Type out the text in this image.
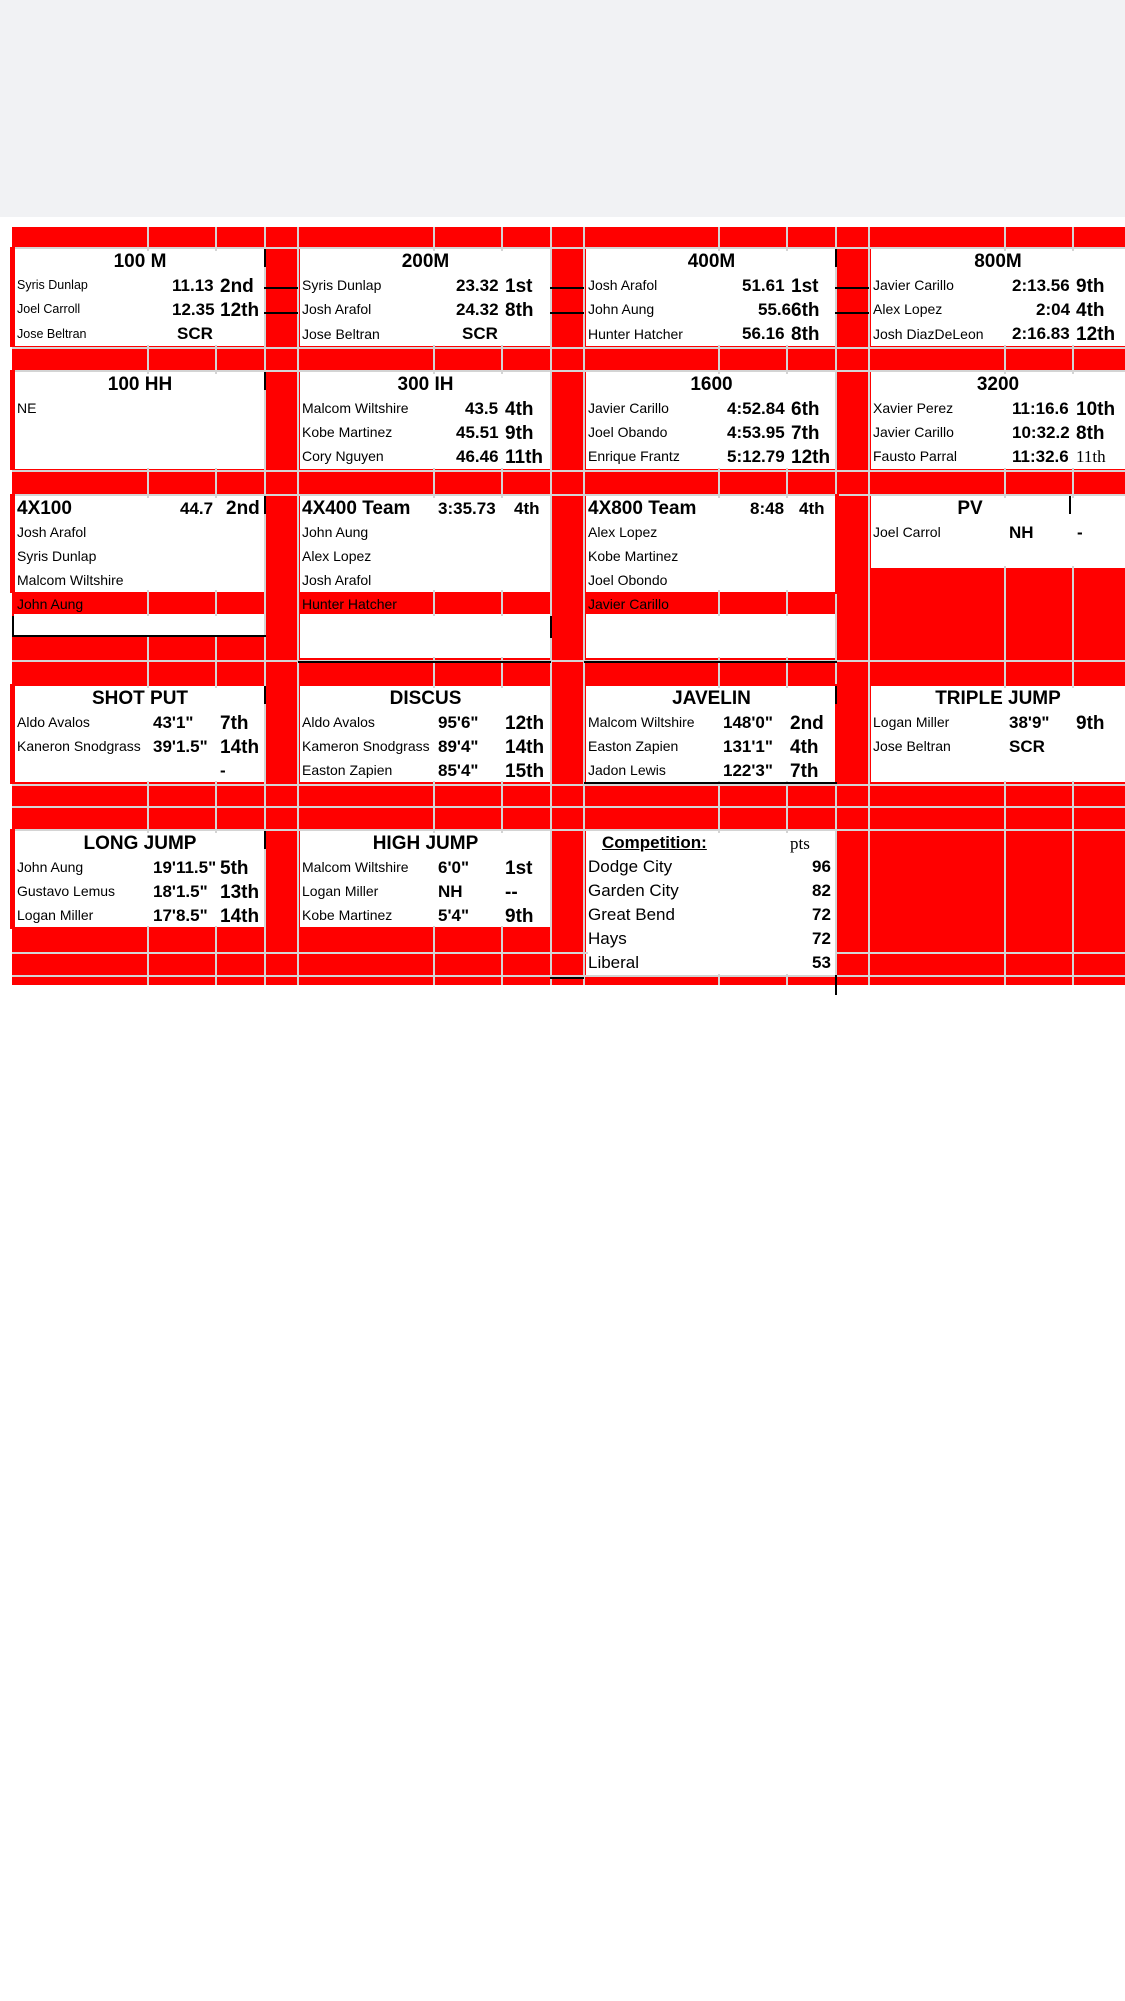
100 M
Syris Dunlap	11.13 2nd
Joel Carroll	12.35 12th
Jose Beltran	SCR
200M
Syris Dunlap	23.32 1st
Josh Arafol	24.32 8th
Jose Beltran	SCR
400M
Josh Arafol	51.61 1st
John Aung	55.6 6th
Hunter Hatcher	56.16 8th
800M
Javier Carillo	2:13.56 9th
Alex Lopez	2:04 4th
Josh DiazDeLeon 2:16.83 12th
100 HH
NE
300 IH
Malcom Wiltshire	43.5 4th
Kobe Martinez	45.51 9th
Cory Nguyen	46.46 11th
1600
Javier Carillo	4:52.84 6th
Joel Obando	4:53.95 7th
Enrique Frantz	5:12.79 12th
3200
Xavier Perez	11:16.6 10th
Javier Carillo	10:32.2 8th
Fausto Parral	11:32.6 11th
4X100	44.7 2nd
Josh Arafol
Syris Dunlap
Malcom Wiltshire
John Aung
4X400 Team 3:35.73 4th
John Aung
Alex Lopez
Josh Arafol
Hunter Hatcher
4X800 Team	8:48 4th
Alex Lopez
Kobe Martinez
Joel Obondo
Javier Carillo
PV
Joel Carrol	NH	-
SHOT PUT
Aldo Avalos	43'1" 7th
Kaneron Snodgrass 39'1.5" 14th
-
DISCUS
Aldo Avalos	95'6" 12th
Kameron Snodgrass 89'4" 14th
Easton Zapien	85'4" 15th
JAVELIN
Malcom Wiltshire 148'0" 2nd
Easton Zapien	131'1" 4th
Jadon Lewis	122'3" 7th
TRIPLE JUMP
Logan Miller	38'9" 9th
Jose Beltran	SCR
LONG JUMP
John Aung	19'11.5" 5th
Gustavo Lemus 18'1.5" 13th
Logan Miller	17'8.5" 14th
HIGH JUMP
Malcom Wiltshire 6'0" 1st
Logan Miller	NH --
Kobe Martinez	5'4" 9th
Competition:	pts
Dodge City	96
Garden City	82
Great Bend	72
Hays	72
Liberal	53
